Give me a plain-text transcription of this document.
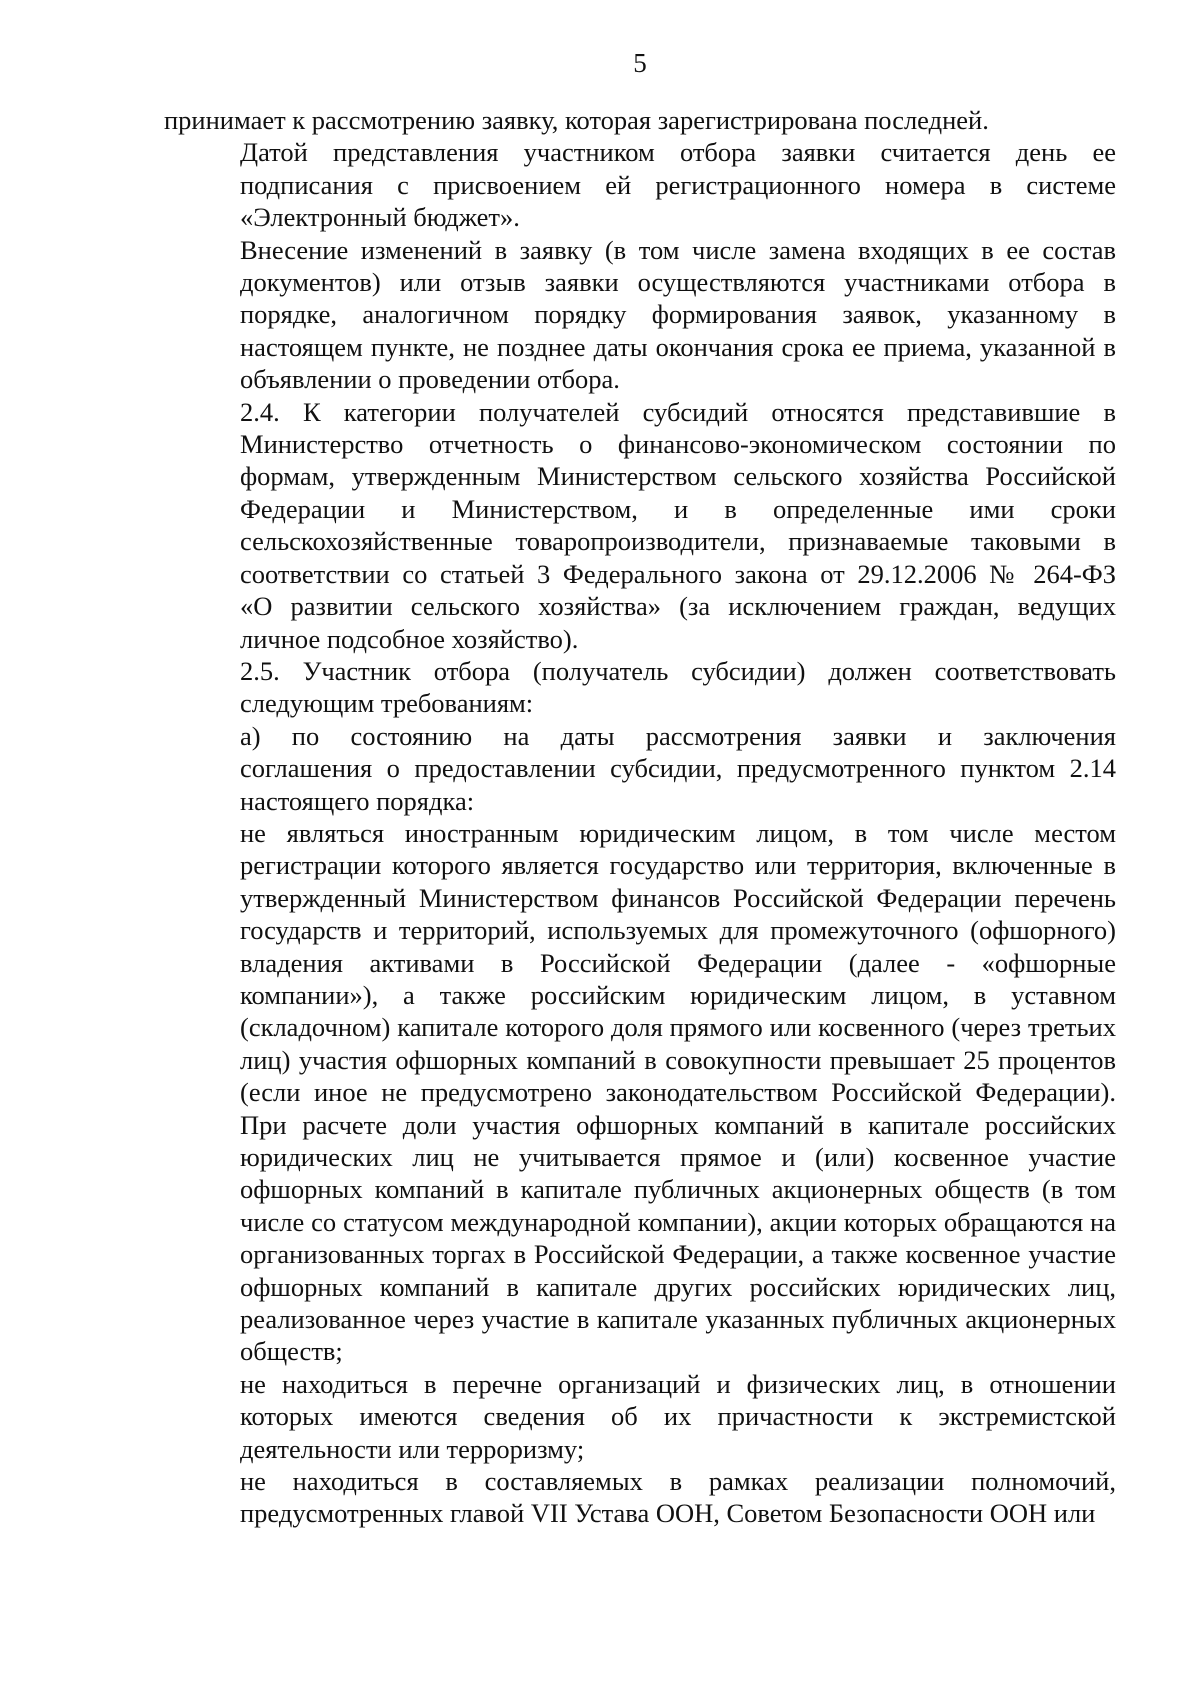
5
принимает к рассмотрению заявку, которая зарегистрирована последней.
Датой представления участником отбора заявки считается день ее
подписания с присвоением ей регистрационного номера в системе
«Электронный бюджет».
Внесение изменений в заявку (в том числе замена входящих в ее состав
документов) или отзыв заявки осуществляются участниками отбора в
порядке, аналогичном порядку формирования заявок, указанному в
настоящем пункте, не позднее даты окончания срока ее приема, указанной в
объявлении о проведении отбора.
2.4. К категории получателей субсидий относятся представившие в
Министерство отчетность о финансово-экономическом состоянии по
формам, утвержденным Министерством сельского хозяйства Российской
Федерации и Министерством, и в определенные ими сроки
сельскохозяйственные товаропроизводители, признаваемые таковыми в
соответствии со статьей 3 Федерального закона от 29.12.2006 № 264-ФЗ
«О развитии сельского хозяйства» (за исключением граждан, ведущих
личное подсобное хозяйство).
2.5. Участник отбора (получатель субсидии) должен соответствовать
следующим требованиям:
а) по состоянию на даты рассмотрения заявки и заключения
соглашения о предоставлении субсидии, предусмотренного пунктом 2.14
настоящего порядка:
не являться иностранным юридическим лицом, в том числе местом
регистрации которого является государство или территория, включенные в
утвержденный Министерством финансов Российской Федерации перечень
государств и территорий, используемых для промежуточного (офшорного)
владения активами в Российской Федерации (далее - «офшорные
компании»), а также российским юридическим лицом, в уставном
(складочном) капитале которого доля прямого или косвенного (через третьих
лиц) участия офшорных компаний в совокупности превышает 25 процентов
(если иное не предусмотрено законодательством Российской Федерации).
При расчете доли участия офшорных компаний в капитале российских
юридических лиц не учитывается прямое и (или) косвенное участие
офшорных компаний в капитале публичных акционерных обществ (в том
числе со статусом международной компании), акции которых обращаются на
организованных торгах в Российской Федерации, а также косвенное участие
офшорных компаний в капитале других российских юридических лиц,
реализованное через участие в капитале указанных публичных акционерных
обществ;
не находиться в перечне организаций и физических лиц, в отношении
которых имеются сведения об их причастности к экстремистской
деятельности или терроризму;
не находиться в составляемых в рамках реализации полномочий,
предусмотренных главой VII Устава ООН, Советом Безопасности ООН или
